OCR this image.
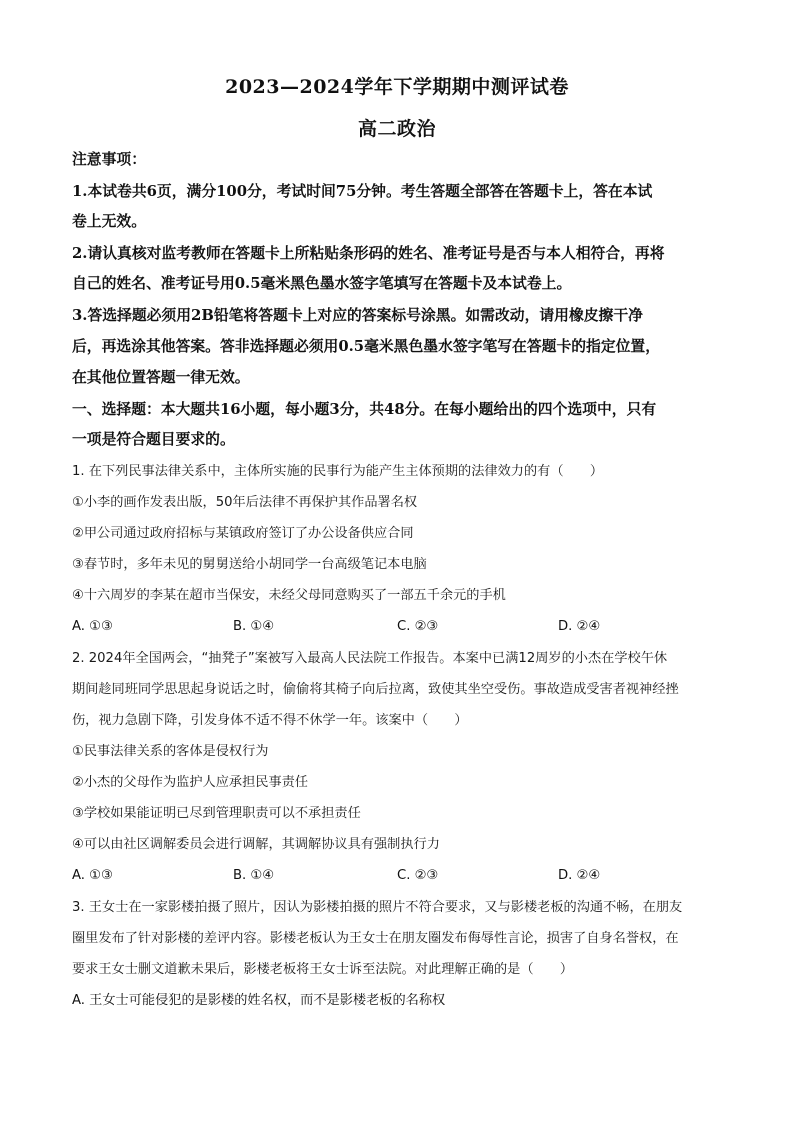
2023—2024学年下学期期中测评试卷
高二政治
注意事项：
1.本试卷共6页，满分100分，考试时间75分钟。考生答题全部答在答题卡上，答在本试
卷上无效。
2.请认真核对监考教师在答题卡上所粘贴条形码的姓名、准考证号是否与本人相符合，再将
自己的姓名、准考证号用0.5毫米黑色墨水签字笔填写在答题卡及本试卷上。
3.答选择题必须用2B铅笔将答题卡上对应的答案标号涂黑。如需改动，请用橡皮擦干净
后，再选涂其他答案。答非选择题必须用0.5毫米黑色墨水签字笔写在答题卡的指定位置，
在其他位置答题一律无效。
一、选择题：本大题共16小题，每小题3分，共48分。在每小题给出的四个选项中，只有
一项是符合题目要求的。
1. 在下列民事法律关系中，主体所实施的民事行为能产生主体预期的法律效力的有（　　）
①小李的画作发表出版，50年后法律不再保护其作品署名权
②甲公司通过政府招标与某镇政府签订了办公设备供应合同
③春节时，多年未见的舅舅送给小胡同学一台高级笔记本电脑
④十六周岁的李某在超市当保安，未经父母同意购买了一部五千余元的手机
A. ①③	B. ①④	C. ②③	D. ②④
2. 2024年全国两会，“抽凳子”案被写入最高人民法院工作报告。本案中已满12周岁的小杰在学校午休
期间趁同班同学思思起身说话之时，偷偷将其椅子向后拉离，致使其坐空受伤。事故造成受害者视神经挫
伤，视力急剧下降，引发身体不适不得不休学一年。该案中（　　）
①民事法律关系的客体是侵权行为
②小杰的父母作为监护人应承担民事责任
③学校如果能证明已尽到管理职责可以不承担责任
④可以由社区调解委员会进行调解，其调解协议具有强制执行力
A. ①③	B. ①④	C. ②③	D. ②④
3. 王女士在一家影楼拍摄了照片，因认为影楼拍摄的照片不符合要求，又与影楼老板的沟通不畅，在朋友
圈里发布了针对影楼的差评内容。影楼老板认为王女士在朋友圈发布侮辱性言论，损害了自身名誉权，在
要求王女士删文道歉未果后，影楼老板将王女士诉至法院。对此理解正确的是（　　）
A. 王女士可能侵犯的是影楼的姓名权，而不是影楼老板的名称权
